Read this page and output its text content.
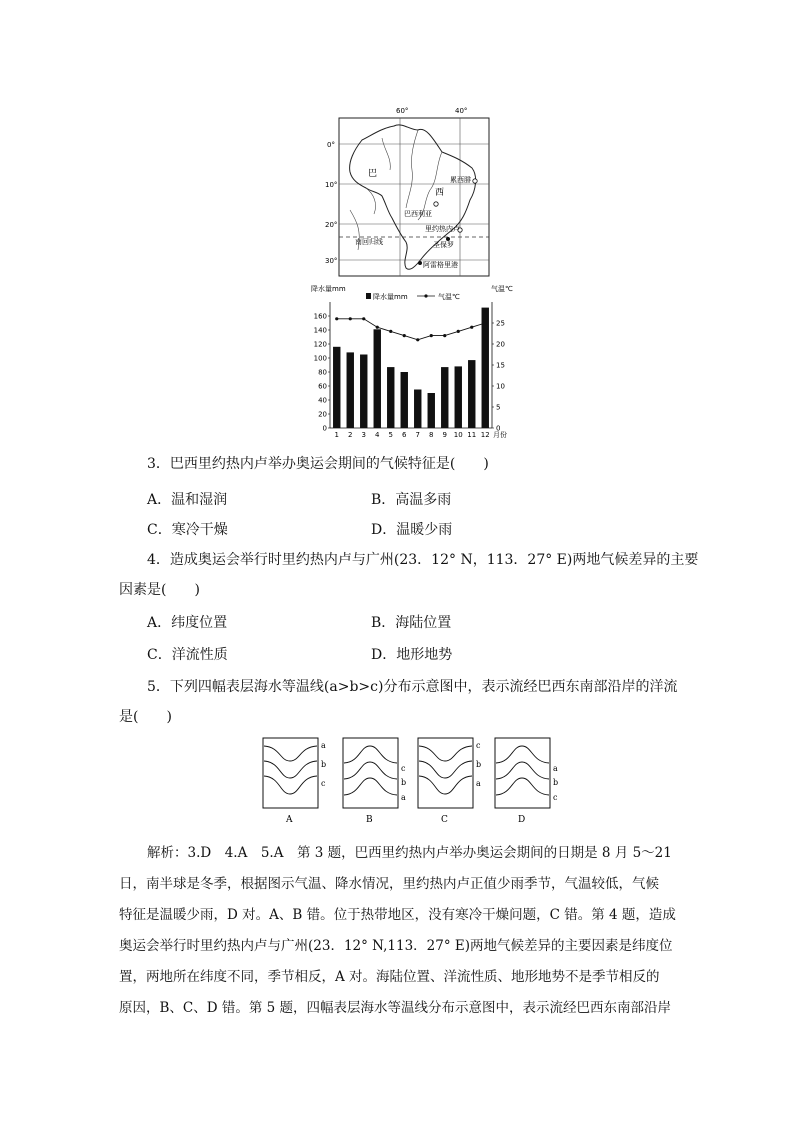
60°	40°
0°
10°
20°
30°
巴
西
累西腓
巴西利亚
里约热内卢
圣保罗
南回归线
阿雷格里港
降水量mm	气温℃
降水量mm	气温℃
0
20
40
60
80
100
120
140
160
0
5
10
15
20
25
1 2 3 4 5 6 7 8 9 10 11 12 月份
3．巴西里约热内卢举办奥运会期间的气候特征是(　　)
A．温和湿润	B．高温多雨
C．寒冷干燥	D．温暖少雨
4．造成奥运会举行时里约热内卢与广州(23．12° N，113．27° E)两地气候差异的主要
因素是(　　)
A．纬度位置	B．海陆位置
C．洋流性质	D．地形地势
5．下列四幅表层海水等温线(a>b>c)分布示意图中，表示流经巴西东南部沿岸的洋流
是(　　)
a
b
c
A
c
b
a
B
c
b
a
C
a
b
c
D
解析：3.D　4.A　5.A　第 3 题，巴西里约热内卢举办奥运会期间的日期是 8 月 5～21
日，南半球是冬季，根据图示气温、降水情况，里约热内卢正值少雨季节，气温较低，气候
特征是温暖少雨，D 对。A、B 错。位于热带地区，没有寒冷干燥问题，C 错。第 4 题，造成
奥运会举行时里约热内卢与广州(23．12° N,113．27° E)两地气候差异的主要因素是纬度位
置，两地所在纬度不同，季节相反，A 对。海陆位置、洋流性质、地形地势不是季节相反的
原因，B、C、D 错。第 5 题，四幅表层海水等温线分布示意图中，表示流经巴西东南部沿岸
